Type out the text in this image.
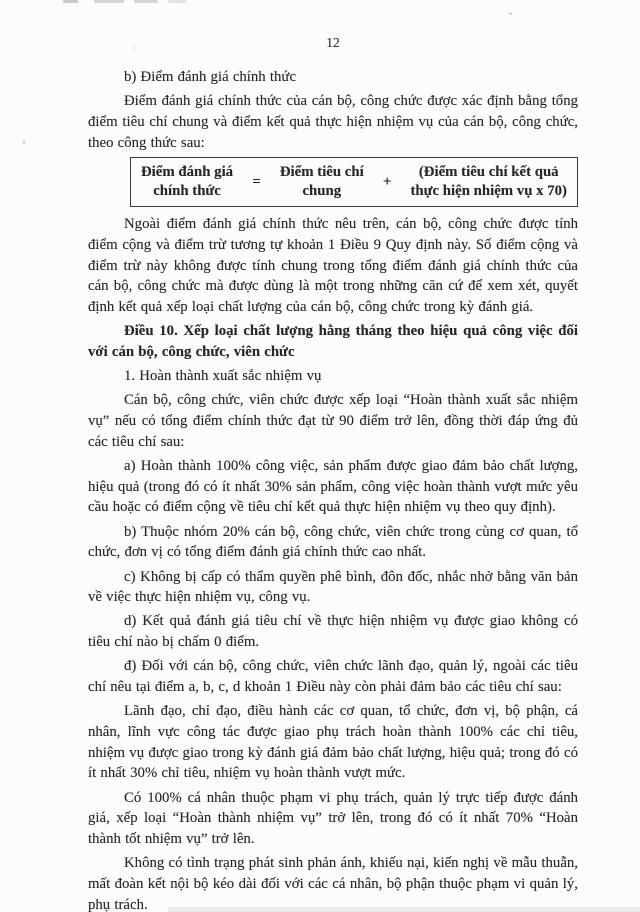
12

b) Điểm đánh giá chính thức

Điểm đánh giá chính thức của cán bộ, công chức được xác định bằng tổng điểm tiêu chí chung và điểm kết quả thực hiện nhiệm vụ của cán bộ, công chức, theo công thức sau:

Điểm đánh giá
chính thức
=
Điểm tiêu chí
chung
+
(Điểm tiêu chí kết quả
thực hiện nhiệm vụ x 70)

Ngoài điểm đánh giá chính thức nêu trên, cán bộ, công chức được tính điểm cộng và điểm trừ tương tự khoản 1 Điều 9 Quy định này. Số điểm cộng và điểm trừ này không được tính chung trong tổng điểm đánh giá chính thức của cán bộ, công chức mà được dùng là một trong những căn cứ để xem xét, quyết định kết quả xếp loại chất lượng của cán bộ, công chức trong kỳ đánh giá.

Điều 10. Xếp loại chất lượng hằng tháng theo hiệu quả công việc đối với cán bộ, công chức, viên chức

1. Hoàn thành xuất sắc nhiệm vụ

Cán bộ, công chức, viên chức được xếp loại “Hoàn thành xuất sắc nhiệm vụ” nếu có tổng điểm chính thức đạt từ 90 điểm trở lên, đồng thời đáp ứng đủ các tiêu chí sau:

a) Hoàn thành 100% công việc, sản phẩm được giao đảm bảo chất lượng, hiệu quả (trong đó có ít nhất 30% sản phẩm, công việc hoàn thành vượt mức yêu cầu hoặc có điểm cộng về tiêu chí kết quả thực hiện nhiệm vụ theo quy định).

b) Thuộc nhóm 20% cán bộ, công chức, viên chức trong cùng cơ quan, tổ chức, đơn vị có tổng điểm đánh giá chính thức cao nhất.

c) Không bị cấp có thẩm quyền phê bình, đôn đốc, nhắc nhở bằng văn bản về việc thực hiện nhiệm vụ, công vụ.

d) Kết quả đánh giá tiêu chí về thực hiện nhiệm vụ được giao không có tiêu chí nào bị chấm 0 điểm.

đ) Đối với cán bộ, công chức, viên chức lãnh đạo, quản lý, ngoài các tiêu chí nêu tại điểm a, b, c, d khoản 1 Điều này còn phải đảm bảo các tiêu chí sau:

Lãnh đạo, chỉ đạo, điều hành các cơ quan, tổ chức, đơn vị, bộ phận, cá nhân, lĩnh vực công tác được giao phụ trách hoàn thành 100% các chỉ tiêu, nhiệm vụ được giao trong kỳ đánh giá đảm bảo chất lượng, hiệu quả; trong đó có ít nhất 30% chỉ tiêu, nhiệm vụ hoàn thành vượt mức.

Có 100% cá nhân thuộc phạm vi phụ trách, quản lý trực tiếp được đánh giá, xếp loại “Hoàn thành nhiệm vụ” trở lên, trong đó có ít nhất 70% “Hoàn thành tốt nhiệm vụ” trở lên.

Không có tình trạng phát sinh phản ánh, khiếu nại, kiến nghị về mẫu thuẫn, mất đoàn kết nội bộ kéo dài đối với các cá nhân, bộ phận thuộc phạm vi quản lý, phụ trách.
